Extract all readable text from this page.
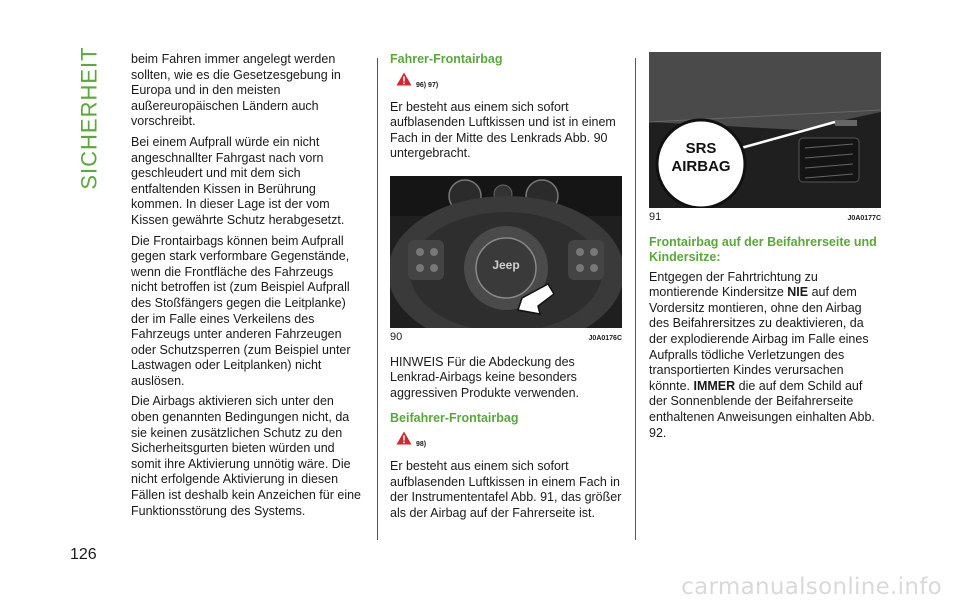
SICHERHEIT
126

beim Fahren immer angelegt werden sollten, wie es die Gesetzesgebung in Europa und in den meisten außereuropäischen Ländern auch vorschreibt.

Bei einem Aufprall würde ein nicht angeschnallter Fahrgast nach vorn geschleudert und mit dem sich entfaltenden Kissen in Berührung kommen. In dieser Lage ist der vom Kissen gewährte Schutz herabgesetzt.

Die Frontairbags können beim Aufprall gegen stark verformbare Gegenstände, wenn die Frontfläche des Fahrzeugs nicht betroffen ist (zum Beispiel Aufprall des Stoßfängers gegen die Leitplanke) der im Falle eines Verkeilens des Fahrzeugs unter anderen Fahrzeugen oder Schutzsperren (zum Beispiel unter Lastwagen oder Leitplanken) nicht auslösen.

Die Airbags aktivieren sich unter den oben genannten Bedingungen nicht, da sie keinen zusätzlichen Schutz zu den Sicherheitsgurten bieten würden und somit ihre Aktivierung unnötig wäre. Die nicht erfolgende Aktivierung in diesen Fällen ist deshalb kein Anzeichen für eine Funktionsstörung des Systems.

Fahrer-Frontairbag
96) 97)

Er besteht aus einem sich sofort aufblasenden Luftkissen und ist in einem Fach in der Mitte des Lenkrads Abb. 90 untergebracht.

Jeep
90	J0A0176C

HINWEIS Für die Abdeckung des Lenkrad-Airbags keine besonders aggressiven Produkte verwenden.

Beifahrer-Frontairbag
98)

Er besteht aus einem sich sofort aufblasenden Luftkissen in einem Fach in der Instrumententafel Abb. 91, das größer als der Airbag auf der Fahrerseite ist.

SRS
AIRBAG
91	J0A0177C
Frontairbag auf der Beifahrerseite und Kindersitze:

Entgegen der Fahrtrichtung zu montierende Kindersitze NIE auf dem Vordersitz montieren, ohne den Airbag des Beifahrersitzes zu deaktivieren, da der explodierende Airbag im Falle eines Aufpralls tödliche Verletzungen des transportierten Kindes verursachen könnte. IMMER die auf dem Schild auf der Sonnenblende der Beifahrerseite enthaltenen Anweisungen einhalten Abb. 92.

carmanualsonline.info
